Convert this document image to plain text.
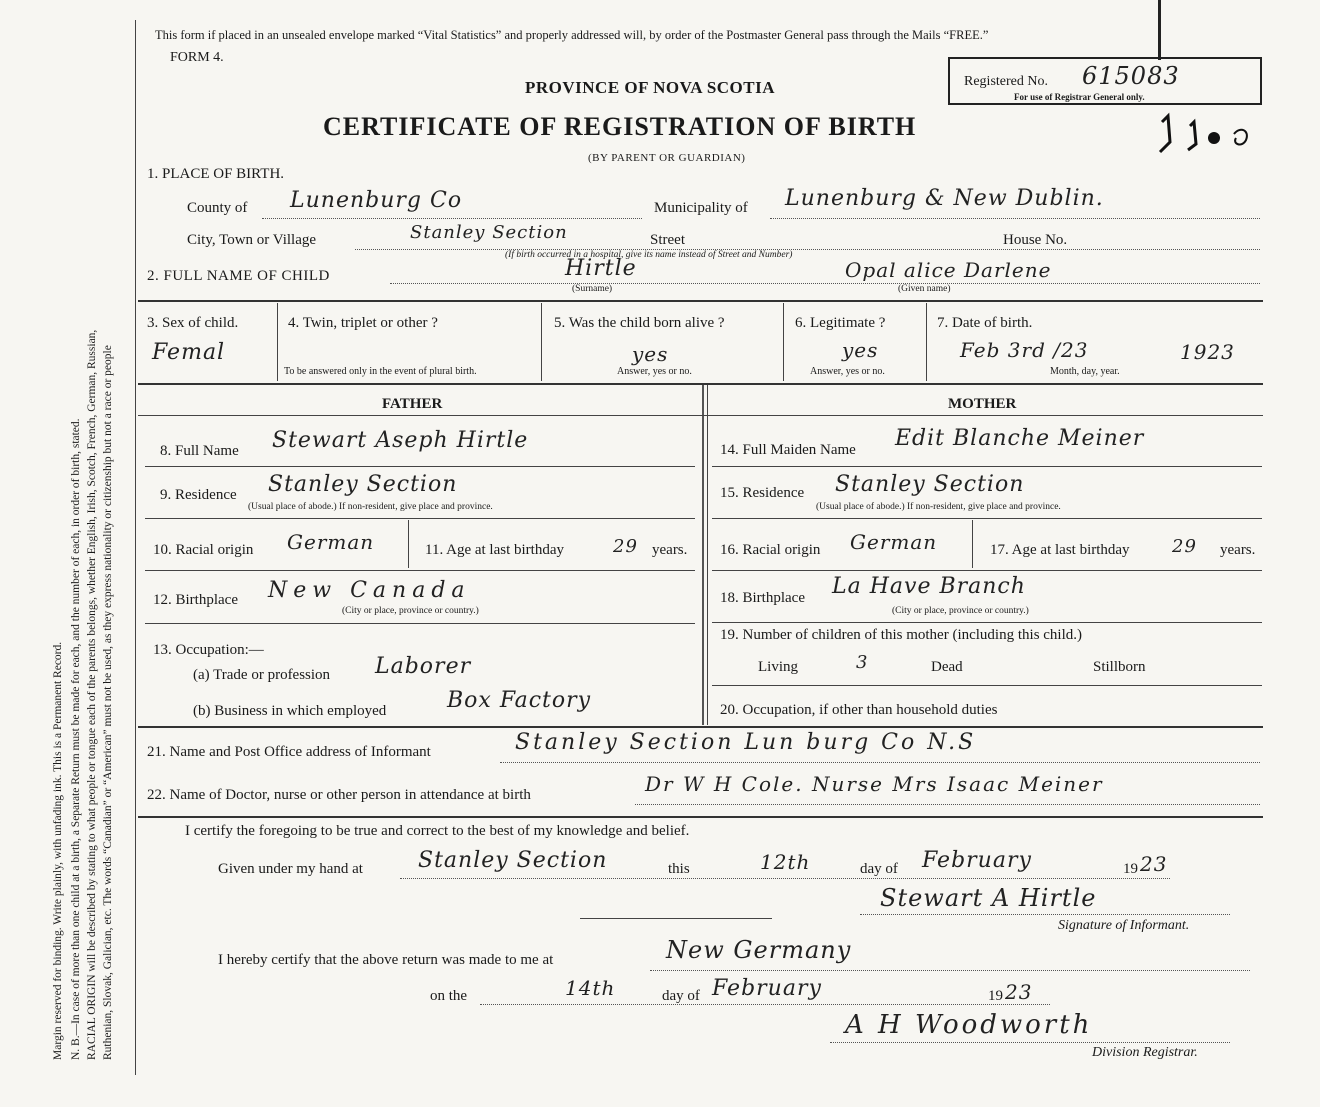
Margin reserved for binding. Write plainly, with unfading ink. This is a Permanent Record. N. B.—In case of more than one child at a birth, a Separate Return must be made for each, and the number of each, in order of birth, stated. RACIAL ORIGIN will be described by stating to what people or tongue each of the parents belongs, whether English, Irish, Scotch, French, German, Russian, Ruthenian, Slovak, Galician, etc. The words “Canadian” or “American” must not be used, as they express nationality or citizenship but not a race or people
This form if placed in an unsealed envelope marked “Vital Statistics” and properly addressed will, by order of the Postmaster General pass through the Mails “FREE.”
FORM 4.
PROVINCE OF NOVA SCOTIA
CERTIFICATE OF REGISTRATION OF BIRTH
(BY PARENT OR GUARDIAN)
Registered No. 615083
For use of Registrar General only.
1. PLACE OF BIRTH.
County of Lunenburg Co	Municipality of Lunenburg & New Dublin.
City, Town or Village	Stanley Section	Street
(If birth occurred in a hospital, give its name instead of Street and Number)
House No.
2. FULL NAME OF CHILD	Hirtle
(Surname)
Opal alice Darlene
(Given name)
3. Sex of child.
Femal
4. Twin, triplet or other ?
To be answered only in the event of plural birth.
5. Was the child born alive ?
yes
Answer, yes or no.
6. Legitimate ?
yes
Answer, yes or no.
7. Date of birth.
Feb 3rd /23	1923
Month, day, year.
FATHER	MOTHER
8. Full Name Stewart Aseph Hirtle
9. Residence Stanley Section
(Usual place of abode.) If non-resident, give place and province.
10. Racial origin German	11. Age at last birthday	29 years.
12. Birthplace New Canada
(City or place, province or country.)
13. Occupation:—
(a) Trade or profession Laborer
(b) Business in which employed	Box Factory
14. Full Maiden Name Edit Blanche Meiner
15. Residence Stanley Section
(Usual place of abode.) If non-resident, give place and province.
16. Racial origin German	17. Age at last birthday 29 years.
18. Birthplace La Have Branch
(City or place, province or country.)
19. Number of children of this mother (including this child.)
Living	3	Dead	Stillborn
20. Occupation, if other than household duties
21. Name and Post Office address of Informant	Stanley Section Lun burg Co N.S
22. Name of Doctor, nurse or other person in attendance at birth	Dr W H Cole. Nurse Mrs Isaac Meiner
I certify the foregoing to be true and correct to the best of my knowledge and belief.
Given under my hand at	Stanley Section	this	12th	day of February	19 23
Stewart A Hirtle
Signature of Informant.
I hereby certify that the above return was made to me at	New Germany
on the	14th	day of February	19 23
A H Woodworth
Division Registrar.
